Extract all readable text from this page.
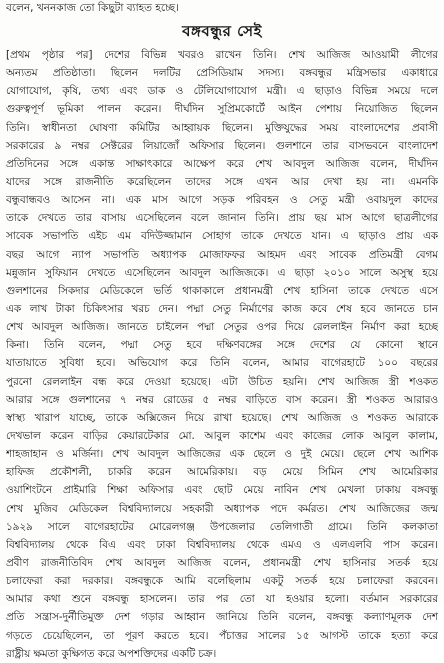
বলেন, খননকাজ তো কিছুটা ব্যাহত হচ্ছে।
বঙ্গবন্ধুর সেই
[প্রথম পৃষ্ঠার পর] দেশের বিভিন্ন খবরও রাখেন তিনি। শেখ আজিজ আওয়ামী লীগের
অন্যতম প্রতিষ্ঠাতা। ছিলেন দলটির প্রেসিডিয়াম সদস্য। বঙ্গবন্ধুর মন্ত্রিসভার একাধারে
যোগাযোগ, কৃষি, তথ্য এবং ডাক ও টেলিযোগাযোগ মন্ত্রী। এ ছাড়াও বিভিন্ন সময়ে দলে
গুরুত্বপূর্ণ ভূমিকা পালন করেন। দীর্ঘদিন সুপ্রিমকোর্টে আইন পেশায় নিয়োজিত ছিলেন
তিনি। স্বাধীনতা ঘোষণা কমিটির আহ্বায়ক ছিলেন। মুক্তিযুদ্ধের সময় বাংলাদেশের প্রবাসী
সরকারের ৯ নম্বর সেক্টরের লিয়াজোঁ অফিসার ছিলেন। গুলশানে তার বাসভবনে বাংলাদেশ
প্রতিদিনের সঙ্গে একান্ত সাক্ষাৎকারে আক্ষেপ করে শেখ আবদুল আজিজ বলেন, দীর্ঘদিন
যাদের সঙ্গে রাজনীতি করেছিলেন তাদের সঙ্গে এখন আর দেখা হয় না। এমনকি
বন্ধুবান্ধবও আসেন না। এক মাস আগে সড়ক পরিবহন ও সেতু মন্ত্রী ওবায়দুল কাদের
তাকে দেখতে তার বাসায় এসেছিলেন বলে জানান তিনি। প্রায় ছয় মাস আগে ছাত্রলীগের
সাবেক সভাপতি এইচ এম বদিউজ্জামান সোহাগ তাকে দেখতে যান। এ ছাড়াও প্রায় এক
বছর আগে ন্যাপ সভাপতি অধ্যাপক মোজাফফর আহমদ এবং সাবেক প্রতিমন্ত্রী বেগম
মন্নুজান সুফিয়ান দেখতে এসেছিলেন আবদুল আজিজকে। এ ছাড়া ২০১০ সালে অসুস্থ হয়ে
গুলশানের সিকদার মেডিকেলে ভর্তি থাকাকালে প্রধানমন্ত্রী শেখ হাসিনা তাকে দেখতে এসে
এক লাখ টাকা চিকিৎসার খরচ দেন। পদ্মা সেতু নির্মাণের কাজ কবে শেষ হবে জানতে চান
শেখ আবদুল আজিজ। জানতে চাইলেন পদ্মা সেতুর ওপর দিয়ে রেললাইন নির্মাণ করা হচ্ছে
কিনা। তিনি বলেন, পদ্মা সেতু হবে দক্ষিণবঙ্গের সঙ্গে দেশের যে কোনো স্থানে
যাতায়াতে সুবিধা হবে। অভিযোগ করে তিনি বলেন, আমার বাগেরহাটে ১০০ বছরের
পুরনো রেললাইন বন্ধ করে দেওয়া হয়েছে। এটা উচিত হয়নি। শেখ আজিজ স্ত্রী শওকত
আরার সঙ্গে গুলশানের ৭ নম্বর রোডের ৫ নম্বর বাড়িতে বাস করেন। স্ত্রী শওকত আরারও
স্বাস্থ্য খারাপ যাচ্ছে, তাকে অক্সিজেন দিয়ে রাখা হয়েছে। শেখ আজিজ ও শওকত আরাকে
দেখভাল করেন বাড়ির কেয়ারটেকার মো. আবুল কাশেম এবং কাজের লোক আবুল কালাম,
শাহজাহান ও মর্জিনা। শেখ আবদুল আজিজের এক ছেলে ও দুই মেয়ে। ছেলে শেখ আশিক
হাফিজ প্রকৌশলী, চাকরি করেন আমেরিকায়। বড় মেয়ে সিমিন শেখ আমেরিকার
ওয়াশিংটনে প্রাইমারি শিক্ষা অফিসার এবং ছোট মেয়ে নাবিন শেখ মেখলা ঢাকায় বঙ্গবন্ধু
শেখ মুজিব মেডিকেল বিশ্ববিদ্যালয়ে সহকারী অধ্যাপক পদে কর্মরত। শেখ আজিজের জন্ম
১৯২৯ সালে বাগেরহাটের মোরেলগঞ্জ উপজেলার তেলিগাতী গ্রামে। তিনি কলকাতা
বিশ্ববিদ্যালয় থেকে বিএ এবং ঢাকা বিশ্ববিদ্যালয় থেকে এমএ ও এলএলবি পাস করেন।
প্রবীণ রাজনীতিবিদ শেখ আবদুল আজিজ বলেন, প্রধানমন্ত্রী শেখ হাসিনার সতর্ক হয়ে
চলাফেরা করা দরকার। বঙ্গবন্ধুকে আমি বলেছিলাম একটু সতর্ক হয়ে চলাফেরা করবেন।
আমার কথা শুনে বঙ্গবন্ধু হাসলেন। তার পর তো যা হওয়ার হলো। বর্তমান সরকারের
প্রতি সন্ত্রাস-দুর্নীতিমুক্ত দেশ গড়ার আহ্বান জানিয়ে তিনি বলেন, বঙ্গবন্ধু কল্যাণমূলক দেশ
গড়তে চেয়েছিলেন, তা পূরণ করতে হবে। পঁচাত্তর সালের ১৫ আগস্ট তাকে হত্যা করে
রাষ্ট্রীয় ক্ষমতা কুক্ষিগত করে অপশক্তিদের একটি চক্র।
